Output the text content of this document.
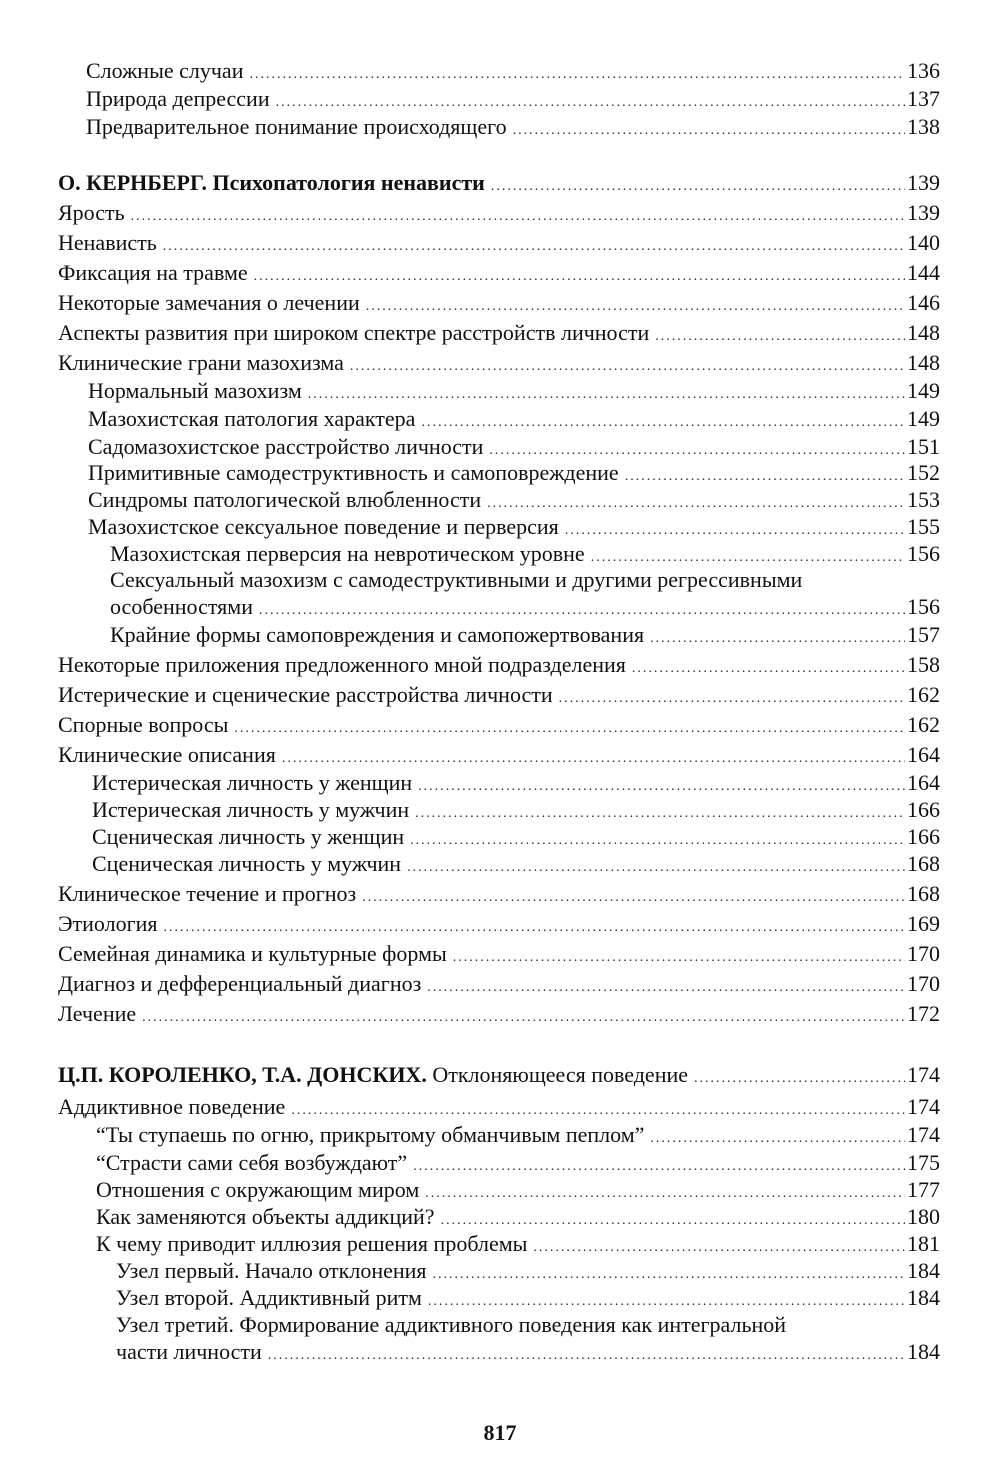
Сложные случаи .....	136
Природа депрессии .....	137
Предварительное понимание происходящего .....	138
О. КЕРНБЕРГ. Психопатология ненависти .....	139
Ярость .....	139
Ненависть .....	140
Фиксация на травме .....	144
Некоторые замечания о лечении .....	146
Аспекты развития при широком спектре расстройств личности .....	148
Клинические грани мазохизма .....	148
Нормальный мазохизм .....	149
Мазохистская патология характера .....	149
Садомазохистское расстройство личности .....	151
Примитивные самодеструктивность и самоповреждение .....	152
Синдромы патологической влюбленности .....	153
Мазохистское сексуальное поведение и перверсия .....	155
Мазохистская перверсия на невротическом уровне .....	156
Сексуальный мазохизм с самодеструктивными и другими регрессивными
особенностями .....	156
Крайние формы самоповреждения и самопожертвования .....	157
Некоторые приложения предложенного мной подразделения .....	158
Истерические и сценические расстройства личности .....	162
Спорные вопросы .....	162
Клинические описания .....	164
Истерическая личность у женщин .....	164
Истерическая личность у мужчин .....	166
Сценическая личность у женщин .....	166
Сценическая личность у мужчин .....	168
Клиническое течение и прогноз .....	168
Этиология .....	169
Семейная динамика и культурные формы .....	170
Диагноз и дефференциальный диагноз .....	170
Лечение .....	172
Ц.П. КОРОЛЕНКО, Т.А. ДОНСКИХ. Отклоняющееся поведение .....	174
Аддиктивное поведение .....	174
“Ты ступаешь по огню, прикрытому обманчивым пеплом” .....	174
“Страсти сами себя возбуждают” .....	175
Отношения с окружающим миром .....	177
Как заменяются объекты аддикций? .....	180
К чему приводит иллюзия решения проблемы .....	181
Узел первый. Начало отклонения .....	184
Узел второй. Аддиктивный ритм .....	184
Узел третий. Формирование аддиктивного поведения как интегральной
части личности .....	184
817
